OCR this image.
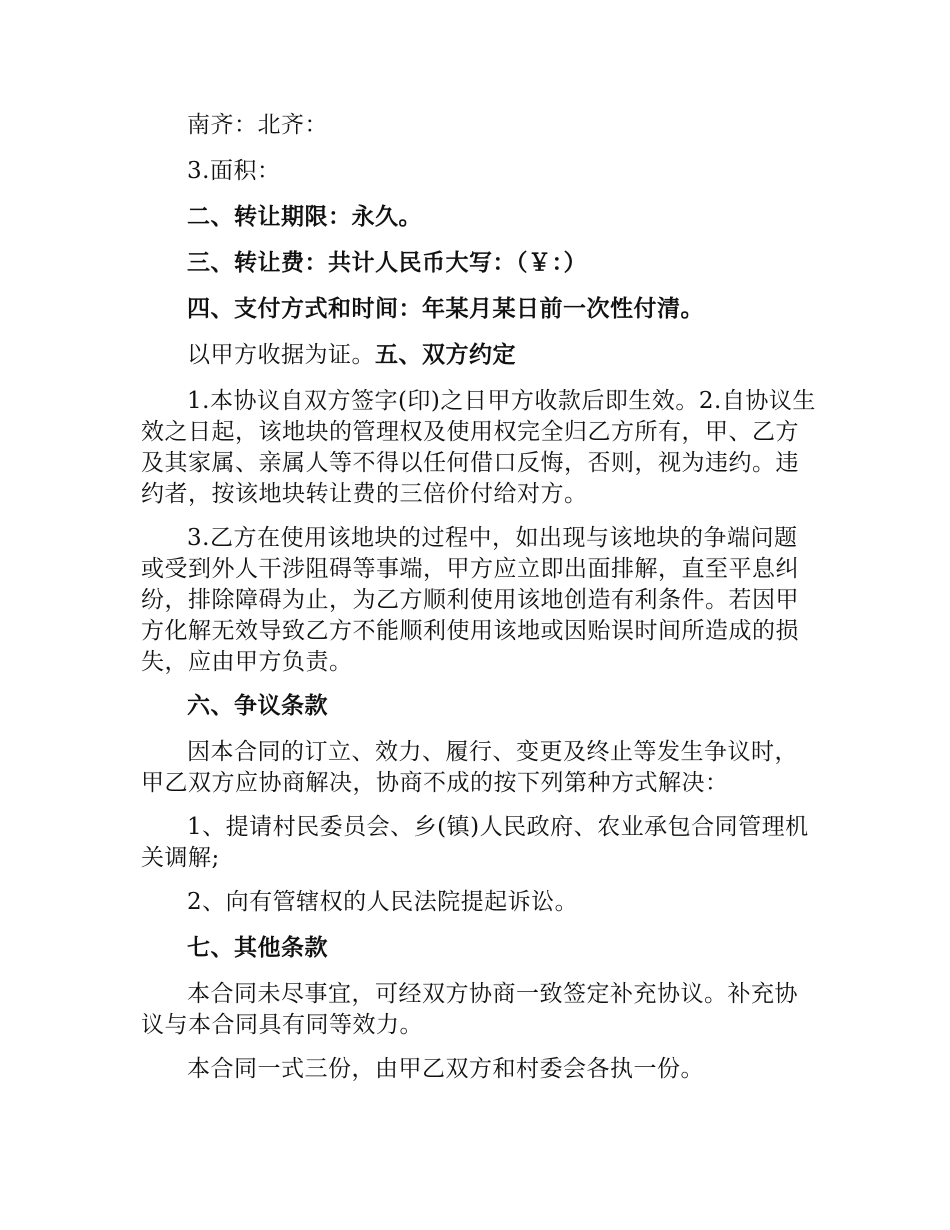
南齐：北齐：

3.面积：

二、转让期限：永久。

三、转让费：共计人民币大写：（￥：）

四、支付方式和时间：年某月某日前一次性付清。

以甲方收据为证。五、双方约定

1.本协议自双方签字(印)之日甲方收款后即生效。2.自协议生效之日起，该地块的管理权及使用权完全归乙方所有，甲、乙方及其家属、亲属人等不得以任何借口反悔，否则，视为违约。违约者，按该地块转让费的三倍价付给对方。

3.乙方在使用该地块的过程中，如出现与该地块的争端问题或受到外人干涉阻碍等事端，甲方应立即出面排解，直至平息纠纷，排除障碍为止，为乙方顺利使用该地创造有利条件。若因甲方化解无效导致乙方不能顺利使用该地或因贻误时间所造成的损失，应由甲方负责。

六、争议条款

因本合同的订立、效力、履行、变更及终止等发生争议时，甲乙双方应协商解决，协商不成的按下列第种方式解决：

1、提请村民委员会、乡(镇)人民政府、农业承包合同管理机关调解;

2、向有管辖权的人民法院提起诉讼。

七、其他条款

本合同未尽事宜，可经双方协商一致签定补充协议。补充协议与本合同具有同等效力。

本合同一式三份，由甲乙双方和村委会各执一份。
